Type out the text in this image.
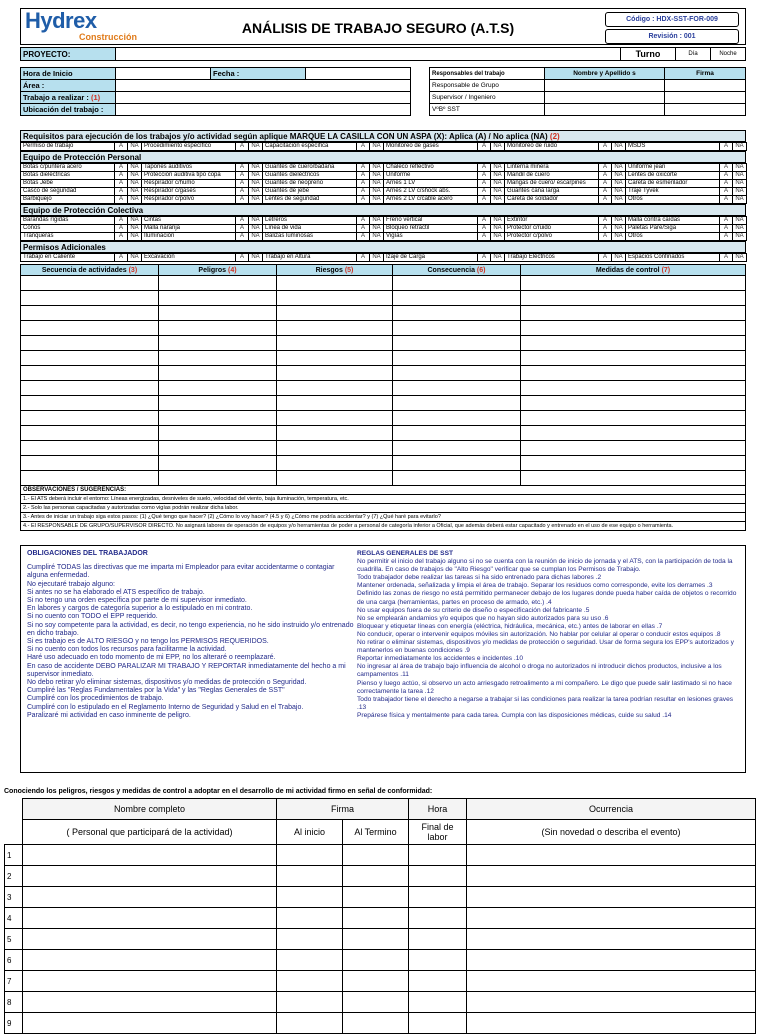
Hydrex
Construcción
ANÁLISIS DE TRABAJO SEGURO (A.T.S)
Código : HDX-SST-FOR-009
Revisión : 001
PROYECTO:		Turno	Día	Noche
Hora de Inicio		Fecha :			Responsables del trabajo	Nombre y Apellido s	Firma
Área :					Responsable de Grupo		
Trabajo a realizar : (1)					Supervisor / Ingeniero		
Ubicación del trabajo :					VºBº SST		
Requisitos para ejecución de los trabajos y/o actividad según aplique MARQUE LA CASILLA CON UN ASPA (X): Aplica (A) / No aplica (NA) (2)
Permiso de trabajo	A	NA	Procedimiento específico	A	NA	Capacitación específica	A	NA	Monitoreo de gases	A	NA	Monitoreo de ruido	A	NA	MSDS	A	NA
Equipo de Protección Personal
Botas c/puntera acero	A	NA	Tapones auditivos	A	NA	Guantes de cuero/badana	A	NA	Chaleco reflectivo	A	NA	Linterna minera	A	NA	Uniforme jean	A	NA
Botas dieléctricas	A	NA	Protección auditiva tipo copa	A	NA	Guantes dieléctricos	A	NA	Uniforme	A	NA	Mandil de cuero	A	NA	Lentes de oxicorte	A	NA
Botas Jebe	A	NA	Respirador c/humo	A	NA	Guantes de neopreno	A	NA	Arnés 1 LV	A	NA	Mangas de cuero/ escarpines	A	NA	Careta de esmerilador	A	NA
Casco de seguridad	A	NA	Respirador c/gases	A	NA	Guantes de jebe	A	NA	Arnés 2 LV c/shock abs.	A	NA	Guantes caña larga	A	NA	Traje Tyvek	A	NA
Barbiquejo	A	NA	Respirador c/polvo	A	NA	Lentes de seguridad	A	NA	Arnés 2 LV c/cable acero	A	NA	Careta de soldador	A	NA	Otros	A	NA
Equipo de Protección Colectiva
Barandas rígidas	A	NA	Cintas	A	NA	Letreros	A	NA	Freno vertical	A	NA	Extintor	A	NA	Malla contra caídas	A	NA
Conos	A	NA	Malla naranja	A	NA	Línea de vida	A	NA	Bloqueo retráctil	A	NA	Protector c/ruido	A	NA	Paletas Pare/Siga	A	NA
Tranqueras	A	NA	Iluminación	A	NA	Balizas luminosas	A	NA	Vigías	A	NA	Protector c/polvo	A	NA	Otros	A	NA
Permisos Adicionales
Trabajo en Caliente	A	NA	Excavación	A	NA	Trabajo en Altura	A	NA	Izaje de Carga	A	NA	Trabajo Eléctricos	A	NA	Espacios Confinados	A	NA
Secuencia de actividades (3)	Peligros (4)	Riesgos (5)	Consecuencia (6)	Medidas de control (7)

OBSERVACIONES / SUGERENCIAS:
1.- El ATS deberá incluir el entorno: Líneas energizadas, desniveles de suelo, velocidad del viento, baja iluminación, temperatura, etc.
2.- Solo las personas capacitadas y autorizadas como vigías podrán realizar dicha labor.
3.- Antes de iniciar un trabajo siga estos pasos: (1) ¿Qué tengo que hacer? (2) ¿Cómo lo voy hacer? (4.5 y 6) ¿Cómo me podría accidentar? y (7) ¿Qué haré para evitarlo?
4.- El RESPONSABLE DE GRUPO/SUPERVISOR DIRECTO. No asignará labores de operación de equipos y/o herramientas de poder a personal de categoría inferior a Oficial, que además deberá estar capacitado y entrenado en el uso de ese equipo o herramienta.
OBLIGACIONES DEL TRABAJADOR

Cumpliré TODAS las directivas que me imparta mi Empleador para evitar accidentarme o contagiar alguna enfermedad.

No ejecutaré trabajo alguno:

Si antes no se ha elaborado el ATS específico de trabajo.

Si no tengo una orden específica por parte de mi supervisor inmediato.

En labores y cargos de categoría superior a lo estipulado en mi contrato.

Si no cuento con TODO el EPP requerido.

Si no soy competente para la actividad, es decir, no tengo experiencia, no he sido instruido y/o entrenado en dicho trabajo.

Si es trabajo es de ALTO RIESGO y no tengo los PERMISOS REQUERIDOS.

Si no cuento con todos los recursos para facilitarme la actividad.

Haré uso adecuado en todo momento de mi EPP, no los alteraré o reemplazaré.

En caso de accidente DEBO PARALIZAR MI TRABAJO Y REPORTAR inmediatamente del hecho a mi supervisor inmediato.

No debo retirar y/o eliminar sistemas, dispositivos y/o medidas de protección o Seguridad.

Cumpliré las "Reglas Fundamentales por la Vida" y las "Reglas Generales de SST"

Cumpliré con los procedimientos de trabajo.

Cumpliré con lo estipulado en el Reglamento Interno de Seguridad y Salud en el Trabajo.

Paralizaré mi actividad en caso inminente de peligro.

REGLAS GENERALES DE SST

No permitir el inicio del trabajo alguno si no se cuenta con la reunión de inicio de jornada y el ATS, con la participación de toda la cuadrilla. En caso de trabajos de "Alto Riesgo" verificar que se cumplan los Permisos de Trabajo.

Todo trabajador debe realizar las tareas si ha sido entrenado para dichas labores .2

Mantener ordenada, señalizada y limpia el área de trabajo. Separar los residuos como corresponde, evite los derrames .3

Definido las zonas de riesgo no está permitido permanecer debajo de los lugares donde pueda haber caída de objetos o recorrido de una carga (herramientas, partes en proceso de armado, etc.) .4

No usar equipos fuera de su criterio de diseño o especificación del fabricante .5

No se emplearán andamios y/o equipos que no hayan sido autorizados para su uso .6

Bloquear y etiquetar líneas con energía (eléctrica, hidráulica, mecánica, etc.) antes de laborar en ellas .7

No conducir, operar o intervenir equipos móviles sin autorización. No hablar por celular al operar o conducir estos equipos .8

No retirar o eliminar sistemas, dispositivos y/o medidas de protección o seguridad. Usar de forma segura los EPP's autorizados y mantenerlos en buenas condiciones .9

Reportar inmediatamente los accidentes e incidentes .10

No ingresar al área de trabajo bajo influencia de alcohol o droga no autorizados ni introducir dichos productos, inclusive a los campamentos .11

Pienso y luego actúo, si observo un acto arriesgado retroalimento a mi compañero. Le digo que puede salir lastimado si no hace correctamente la tarea .12

Todo trabajador tiene el derecho a negarse a trabajar si las condiciones para realizar la tarea podrían resultar en lesiones graves .13

Prepárese física y mentalmente para cada tarea. Cumpla con las disposiciones médicas, cuide su salud .14

Conociendo los peligros, riesgos y medidas de control a adoptar en el desarrollo de mi actividad firmo en señal de conformidad:
	Nombre completo	Firma		Hora	Ocurrencia
	( Personal que participará de la actividad)	Al inicio	Al Termino	Final de labor	(Sin novedad o describa el evento)
1					
2					
3					
4					
5					
6					
7					
8					
9					
